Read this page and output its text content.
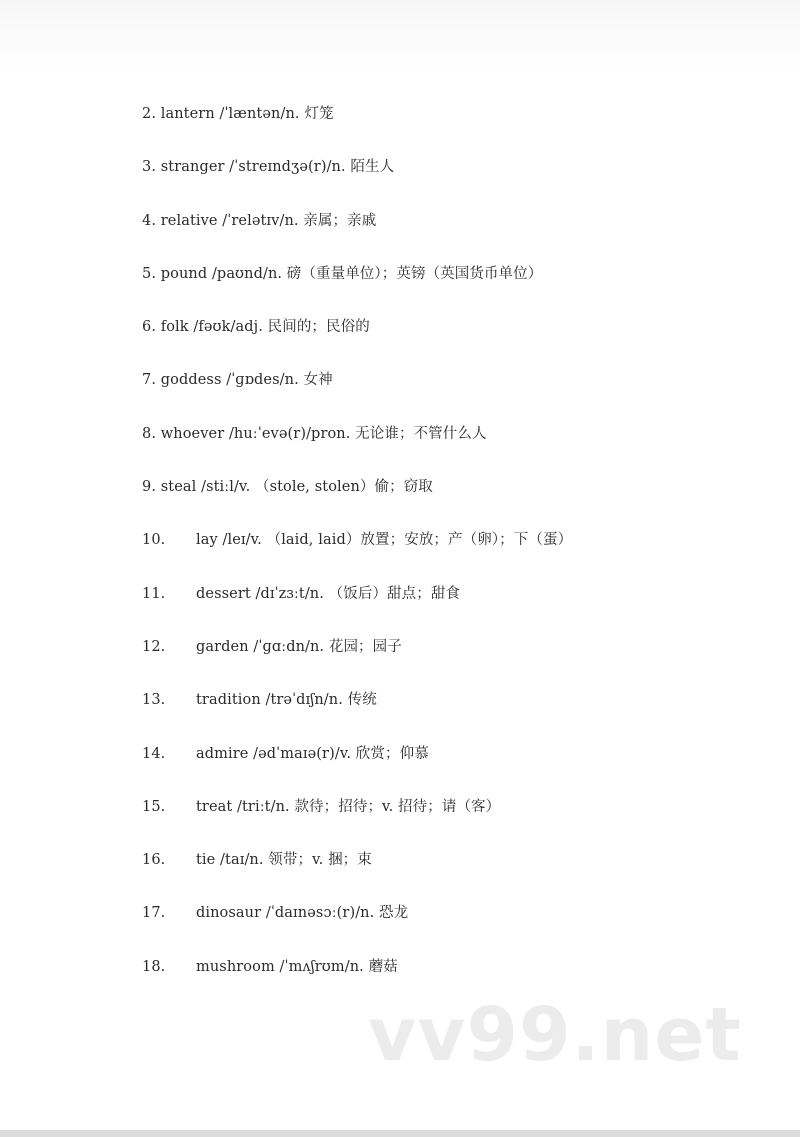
2. lantern /ˈlæntən/n. 灯笼
3. stranger /ˈstreɪndʒə(r)/n. 陌生人
4. relative /ˈrelətɪv/n. 亲属；亲戚
5. pound /paʊnd/n. 磅（重量单位）；英镑（英国货币单位）
6. folk /fəʊk/adj. 民间的；民俗的
7. goddess /ˈɡɒdes/n. 女神
8. whoever /huːˈevə(r)/pron. 无论谁；不管什么人
9. steal /stiːl/v. （stole, stolen）偷；窃取
10. lay /leɪ/v. （laid, laid）放置；安放；产（卵）；下（蛋）
11. dessert /dɪˈzɜːt/n. （饭后）甜点；甜食
12. garden /ˈɡɑːdn/n. 花园；园子
13. tradition /trəˈdɪʃn/n. 传统
14. admire /ədˈmaɪə(r)/v. 欣赏；仰慕
15. treat /triːt/n. 款待；招待；v. 招待；请（客）
16. tie /taɪ/n. 领带；v. 捆；束
17. dinosaur /ˈdaɪnəsɔː(r)/n. 恐龙
18. mushroom /ˈmʌʃrʊm/n. 蘑菇
vv99.net
